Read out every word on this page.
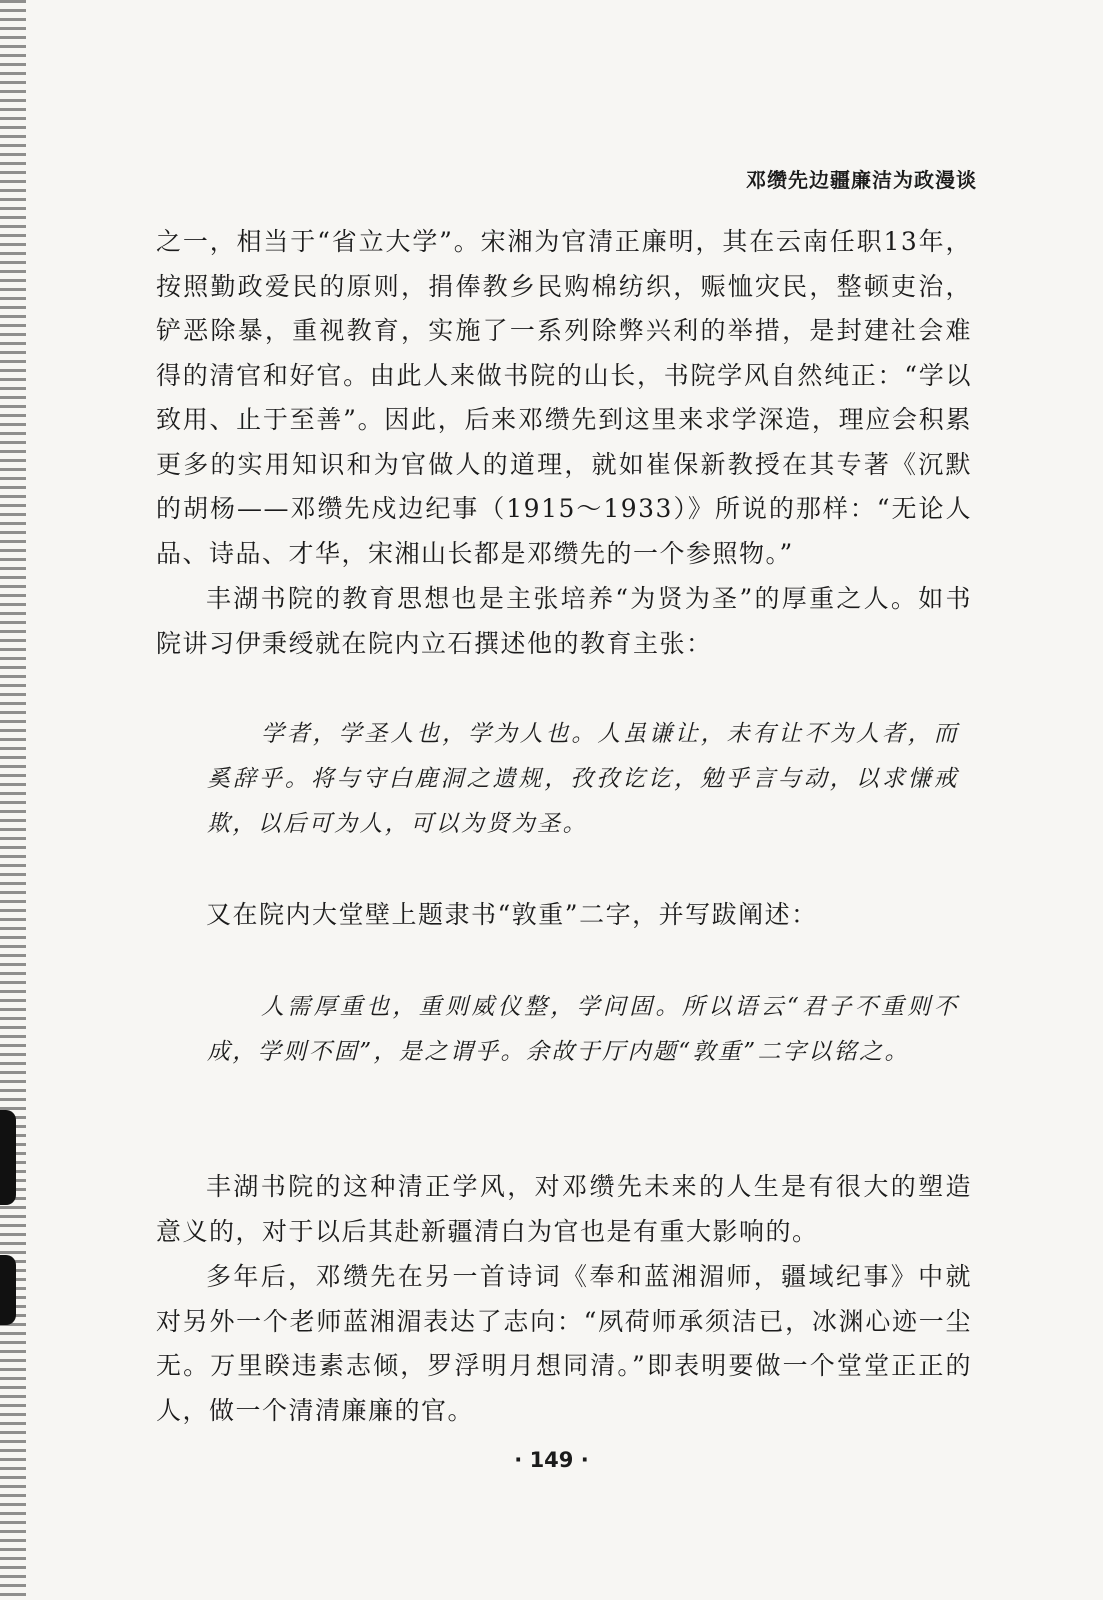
邓缵先边疆廉洁为政漫谈

之一，相当于“省立大学”。宋湘为官清正廉明，其在云南任职13年，按照勤政爱民的原则，捐俸教乡民购棉纺织，赈恤灾民，整顿吏治，铲恶除暴，重视教育，实施了一系列除弊兴利的举措，是封建社会难得的清官和好官。由此人来做书院的山长，书院学风自然纯正：“学以致用、止于至善”。因此，后来邓缵先到这里来求学深造，理应会积累更多的实用知识和为官做人的道理，就如崔保新教授在其专著《沉默的胡杨——邓缵先戍边纪事（1915～1933）》所说的那样：“无论人品、诗品、才华，宋湘山长都是邓缵先的一个参照物。”

丰湖书院的教育思想也是主张培养“为贤为圣”的厚重之人。如书院讲习伊秉绶就在院内立石撰述他的教育主张：

学者，学圣人也，学为人也。人虽谦让，未有让不为人者，而奚辞乎。将与守白鹿洞之遗规，孜孜讫讫，勉乎言与动，以求慊戒欺，以后可为人，可以为贤为圣。

又在院内大堂壁上题隶书“敦重”二字，并写跋阐述：

人需厚重也，重则威仪整，学问固。所以语云“君子不重则不成，学则不固”，是之谓乎。余故于厅内题“敦重”二字以铭之。

丰湖书院的这种清正学风，对邓缵先未来的人生是有很大的塑造意义的，对于以后其赴新疆清白为官也是有重大影响的。

多年后，邓缵先在另一首诗词《奉和蓝湘湄师，疆域纪事》中就对另外一个老师蓝湘湄表达了志向：“夙荷师承须洁已，冰渊心迹一尘无。万里睽违素志倾，罗浮明月想同清。”即表明要做一个堂堂正正的人，做一个清清廉廉的官。

· 149 ·
